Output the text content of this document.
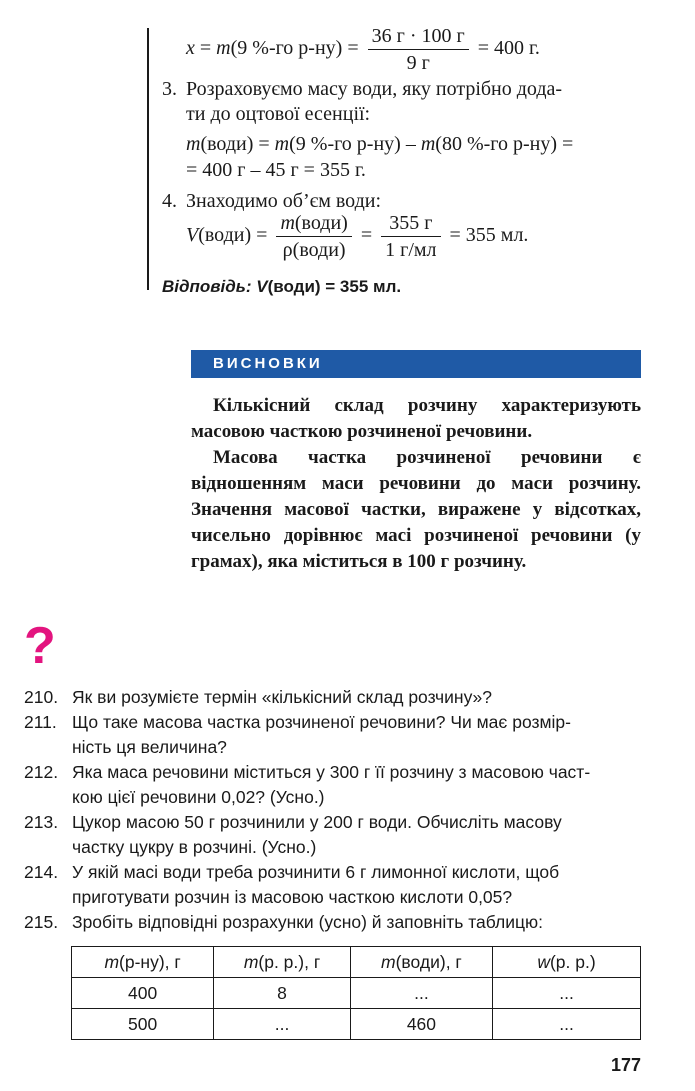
x = m(9 %-го $р-ну) = \frac{36 г \cdot 100 г}{9 г} = 400$ г.
3. Розраховуємо масу води, яку потрібно дода-
ти до оцтової есенції:
m(води) = m(9 %-го р-ну) – m(80 %-го р-ну) =
= 400 г – 45 г = 355 г.
4. Знаходимо об’єм води:
V(води) = $\frac{\text{m(води)}}{\text{ρ(води)}} = \frac{355 г}{1 г/мл} = 355$ мл.
Відповідь: V(води) = 355 мл.
ВИСНОВКИ
Кількісний склад розчину характеризують масовою часткою розчиненої речовини.
Масова частка розчиненої речовини є відношенням маси речовини до маси розчину. Значення масової частки, виражене у відсотках, чисельно дорівнює масі розчиненої речовини (у грамах), яка міститься в 100 г розчину.
?
210. Як ви розумієте термін «кількісний склад розчину»?
211. Що таке масова частка розчиненої речовини? Чи має розмір-
ність ця величина?
212. Яка маса речовини міститься у 300 г її розчину з масовою част-
кою цієї речовини 0,02? (Усно.)
213. Цукор масою 50 г розчинили у 200 г води. Обчисліть масову
частку цукру в розчині. (Усно.)
214. У якій масі води треба розчинити 6 г лимонної кислоти, щоб
приготувати розчин із масовою часткою кислоти 0,05?
215. Зробіть відповідні розрахунки (усно) й заповніть таблицю:
m(р-ну), г	m(р. р.), г	m(води), г	w(р. р.)
400	8	...	...
500	...	460	...
177
